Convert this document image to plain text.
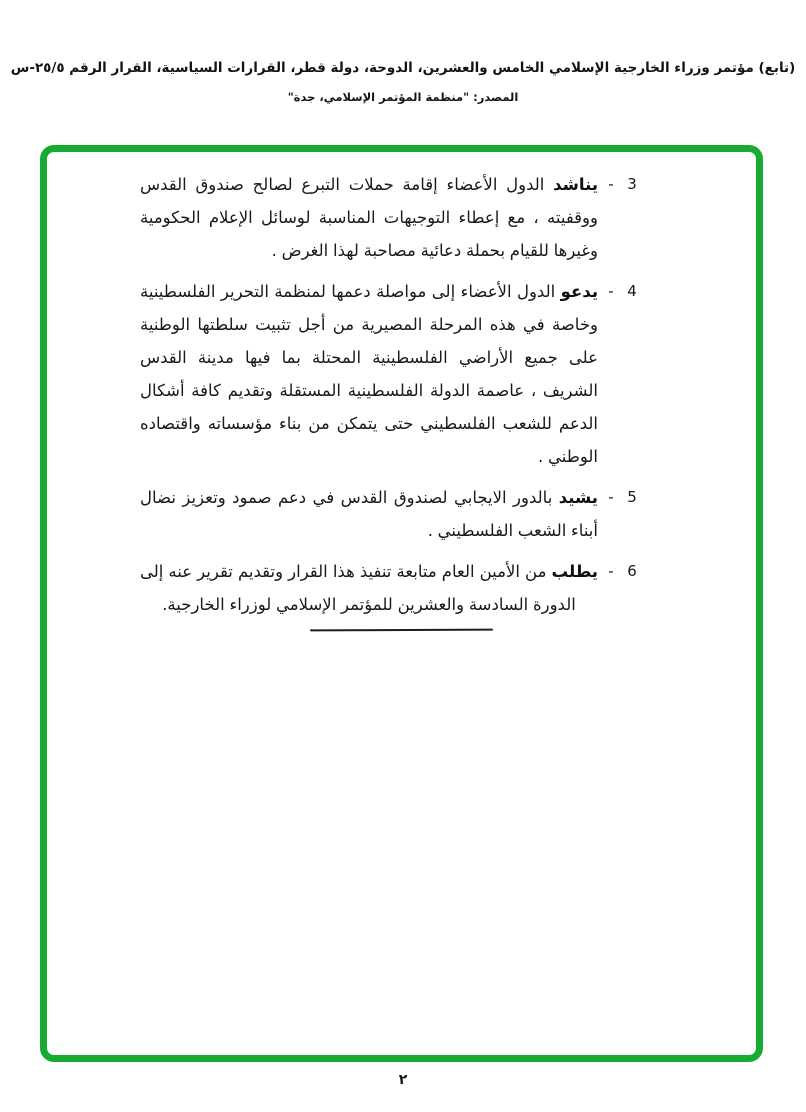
(تابع) مؤتمر وزراء الخارجية الإسلامي الخامس والعشرين، الدوحة، دولة قطر، القرارات السياسية، القرار الرقم ٢٥/٥-س
المصدر: "منظمة المؤتمر الإسلامي، جدة"
3
-

يناشد الدول الأعضاء إقامة حملات التبرع لصالح صندوق القدس ووقفيته ، مع إعطاء التوجيهات المناسبة لوسائل الإعلام الحكومية وغيرها للقيام بحملة دعائية مصاحبة لهذا الغرض .

4
-

يدعو الدول الأعضاء إلى مواصلة دعمها لمنظمة التحرير الفلسطينية وخاصة في هذه المرحلة المصيرية من أجل تثبيت سلطتها الوطنية على جميع الأراضي الفلسطينية المحتلة بما فيها مدينة القدس الشريف ، عاصمة الدولة الفلسطينية المستقلة وتقديم كافة أشكال الدعم للشعب الفلسطيني حتى يتمكن من بناء مؤسساته واقتصاده الوطني .

5
-

يشيد بالدور الايجابي لصندوق القدس في دعم صمود وتعزيز نضال أبناء الشعب الفلسطيني .

6
-

يطلب من الأمين العام متابعة تنفيذ هذا القرار وتقديم تقرير عنه إلى الدورة السادسة والعشرين للمؤتمر الإسلامي لوزراء الخارجية.

٢
